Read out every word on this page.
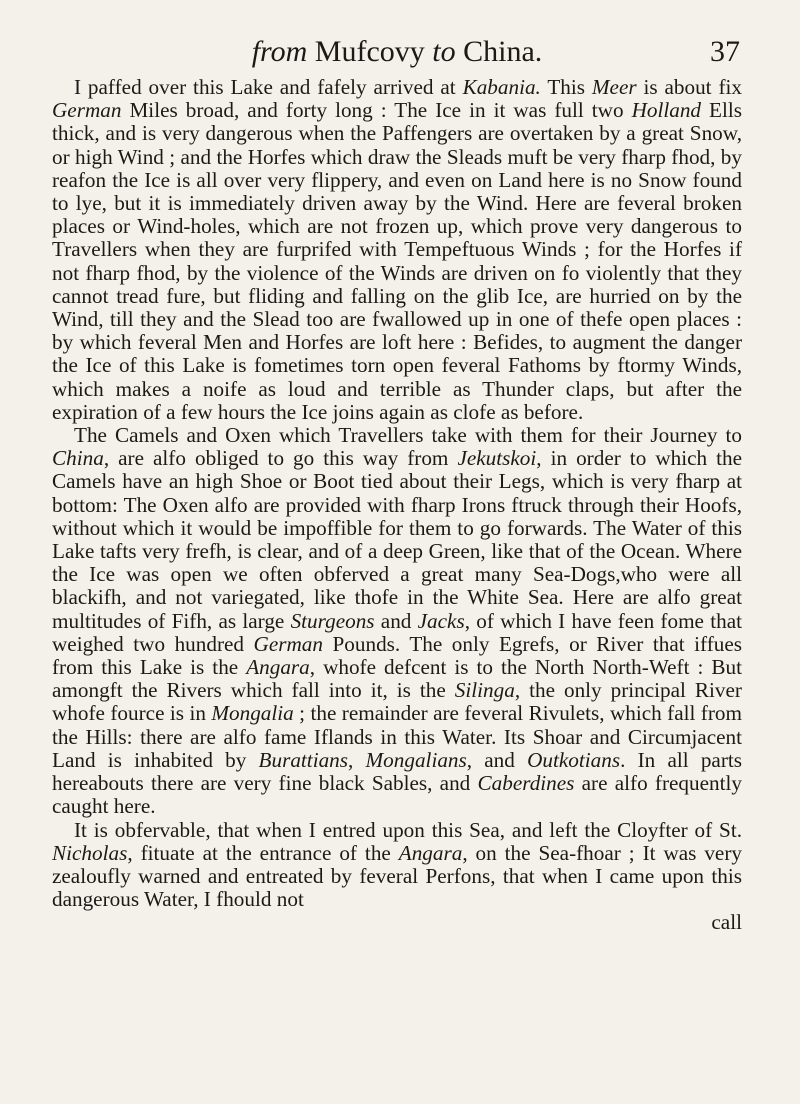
from Mufcovy to China.	37

I paffed over this Lake and fafely arrived at Kabania. This Meer is about fix German Miles broad, and forty long : The Ice in it was full two Holland Ells thick, and is very dangerous when the Paffengers are overtaken by a great Snow, or high Wind ; and the Horfes which draw the Sleads muft be very fharp fhod, by reafon the Ice is all over very flippery, and even on Land here is no Snow found to lye, but it is immediately driven away by the Wind. Here are feveral broken places or Wind-holes, which are not frozen up, which prove very dangerous to Travellers when they are furprifed with Tempeftuous Winds ; for the Horfes if not fharp fhod, by the violence of the Winds are driven on fo violently that they cannot tread fure, but fliding and falling on the glib Ice, are hurried on by the Wind, till they and the Slead too are fwallowed up in one of thefe open places : by which feveral Men and Horfes are loft here : Befides, to augment the danger the Ice of this Lake is fometimes torn open feveral Fathoms by ftormy Winds, which makes a noife as loud and terrible as Thunder claps, but after the expiration of a few hours the Ice joins again as clofe as before.

The Camels and Oxen which Travellers take with them for their Journey to China, are alfo obliged to go this way from Jekutskoi, in order to which the Camels have an high Shoe or Boot tied about their Legs, which is very fharp at bottom: The Oxen alfo are provided with fharp Irons ftruck through their Hoofs, without which it would be impoffible for them to go forwards. The Water of this Lake tafts very frefh, is clear, and of a deep Green, like that of the Ocean. Where the Ice was open we often obferved a great many Sea-Dogs,who were all blackifh, and not variegated, like thofe in the White Sea. Here are alfo great multitudes of Fifh, as large Sturgeons and Jacks, of which I have feen fome that weighed two hundred German Pounds. The only Egrefs, or River that iffues from this Lake is the Angara, whofe defcent is to the North North-Weft : But amongft the Rivers which fall into it, is the Silinga, the only principal River whofe fource is in Mongalia ; the remainder are feveral Rivulets, which fall from the Hills: there are alfo fame Iflands in this Water. Its Shoar and Circumjacent Land is inhabited by Burattians, Mongalians, and Outkotians. In all parts hereabouts there are very fine black Sables, and Caberdines are alfo frequently caught here.

It is obfervable, that when I entred upon this Sea, and left the Cloyfter of St. Nicholas, fituate at the entrance of the Angara, on the Sea-fhoar ; It was very zealoufly warned and entreated by feveral Perfons, that when I came upon this dangerous Water, I fhould not

call
